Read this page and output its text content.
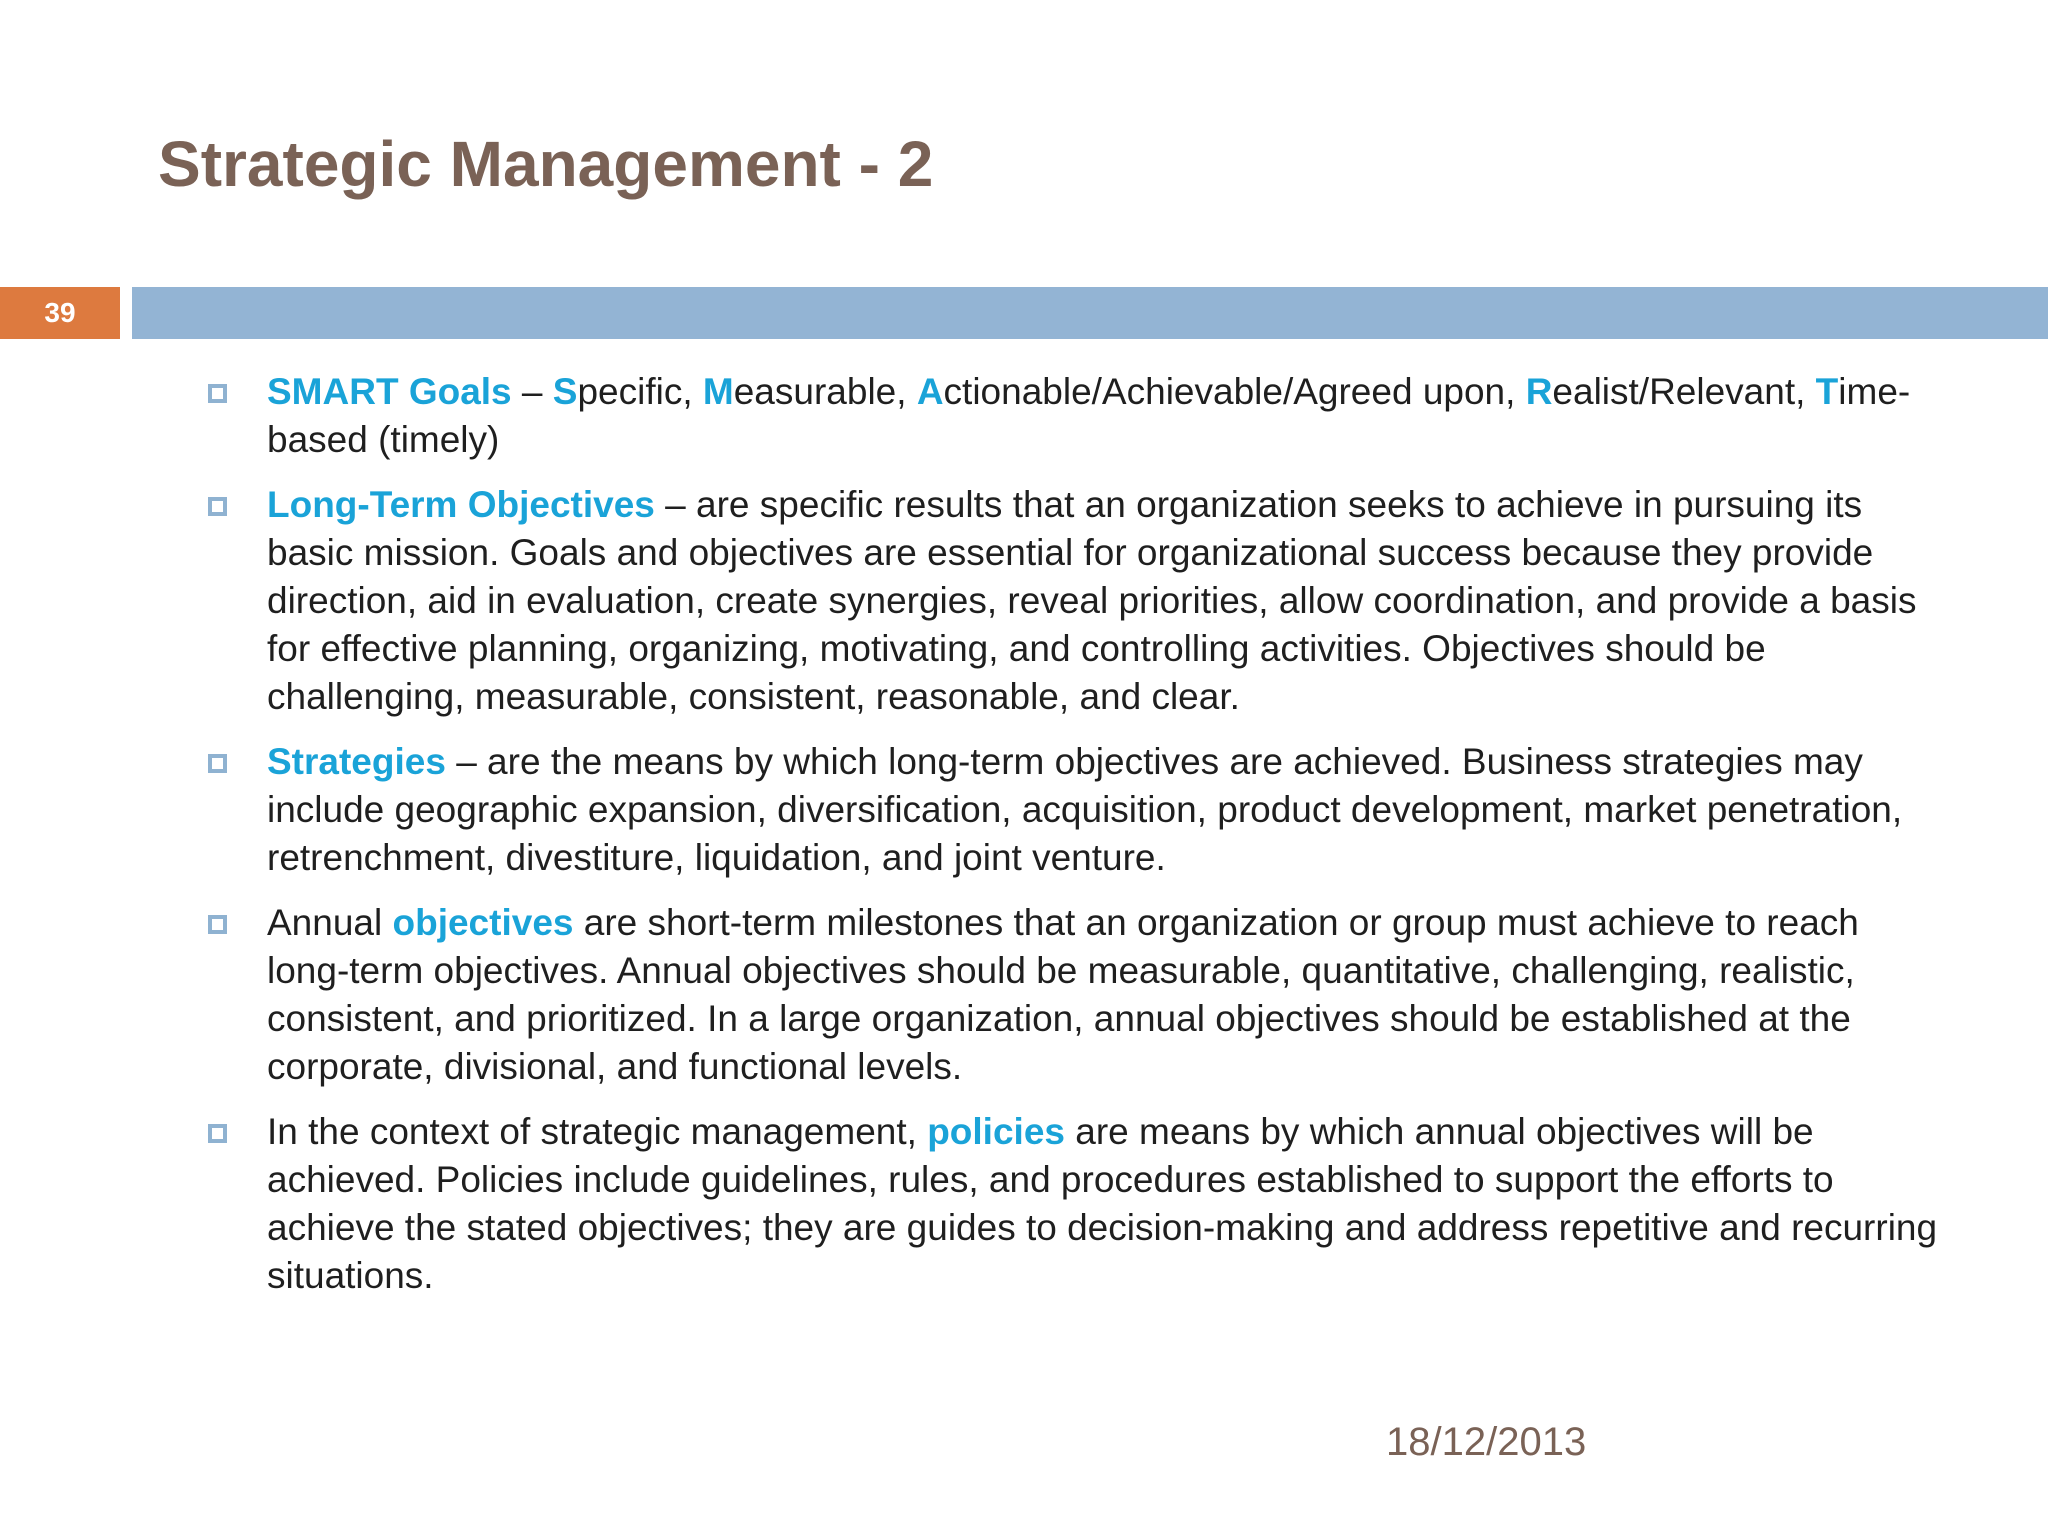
Strategic Management - 2
39
SMART Goals – Specific, Measurable, Actionable/Achievable/Agreed upon, Realist/Relevant, Time-based (timely)
Long-Term Objectives – are specific results that an organization seeks to achieve in pursuing its basic mission. Goals and objectives are essential for organizational success because they provide direction, aid in evaluation, create synergies, reveal priorities, allow coordination, and provide a basis for effective planning, organizing, motivating, and controlling activities. Objectives should be challenging, measurable, consistent, reasonable, and clear.
Strategies – are the means by which long-term objectives are achieved. Business strategies may include geographic expansion, diversification, acquisition, product development, market penetration, retrenchment, divestiture, liquidation, and joint venture.
Annual objectives are short-term milestones that an organization or group must achieve to reach long-term objectives. Annual objectives should be measurable, quantitative, challenging, realistic, consistent, and prioritized. In a large organization, annual objectives should be established at the corporate, divisional, and functional levels.
In the context of strategic management, policies are means by which annual objectives will be achieved. Policies include guidelines, rules, and procedures established to support the efforts to achieve the stated objectives; they are guides to decision-making and address repetitive and recurring situations.
18/12/2013
